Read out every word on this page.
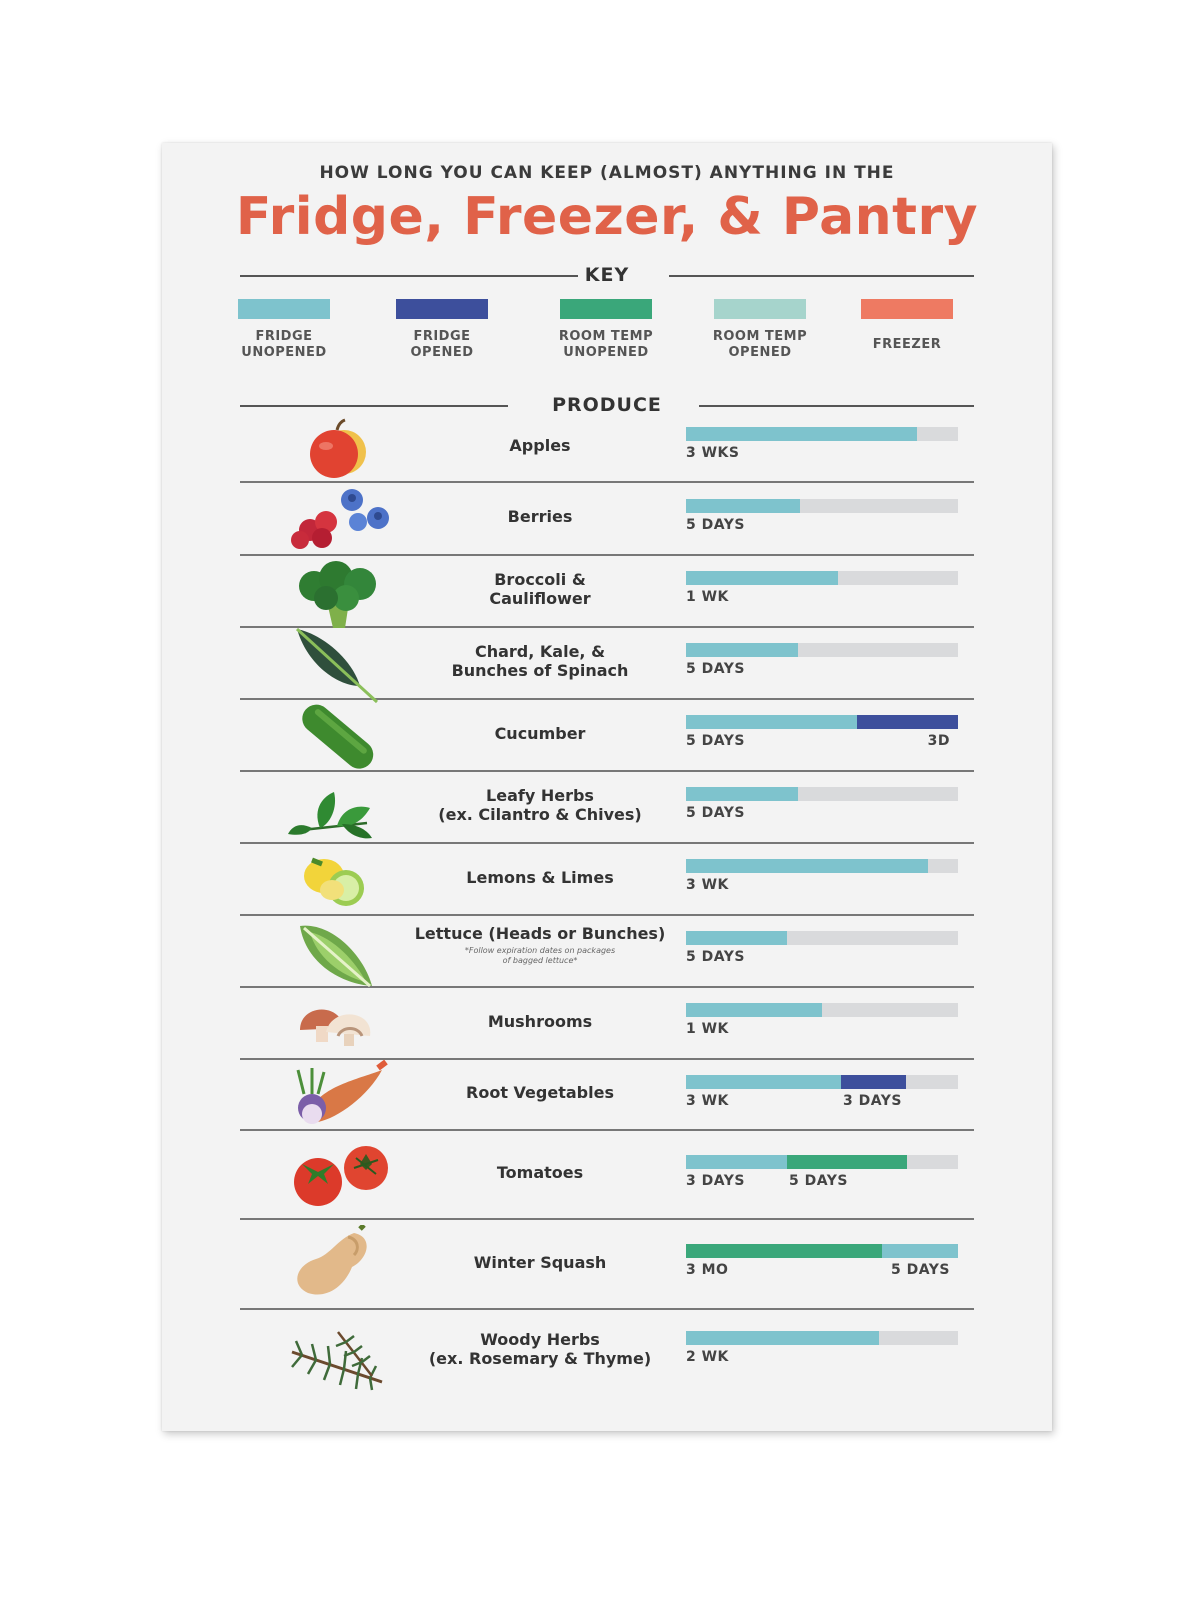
HOW LONG YOU CAN KEEP (ALMOST) ANYTHING IN THE
Fridge, Freezer, & Pantry
KEY
FRIDGE
UNOPENED
FRIDGE
OPENED
ROOM TEMP
UNOPENED
ROOM TEMP
OPENED
FREEZER
PRODUCE
Apples	3 WKS
Berries	5 DAYS
Broccoli &
Cauliflower	1 WK
Chard, Kale, &
Bunches of Spinach	5 DAYS
Cucumber	5 DAYS	3D
Leafy Herbs
(ex. Cilantro & Chives)	5 DAYS
Lemons & Limes	3 WK
Lettuce (Heads or Bunches)
*Follow expiration dates on packages
of bagged lettuce*	5 DAYS
Mushrooms	1 WK
Root Vegetables	3 WK	3 DAYS
Tomatoes	3 DAYS	5 DAYS
Winter Squash	3 MO	5 DAYS
Woody Herbs
(ex. Rosemary & Thyme)	2 WK
